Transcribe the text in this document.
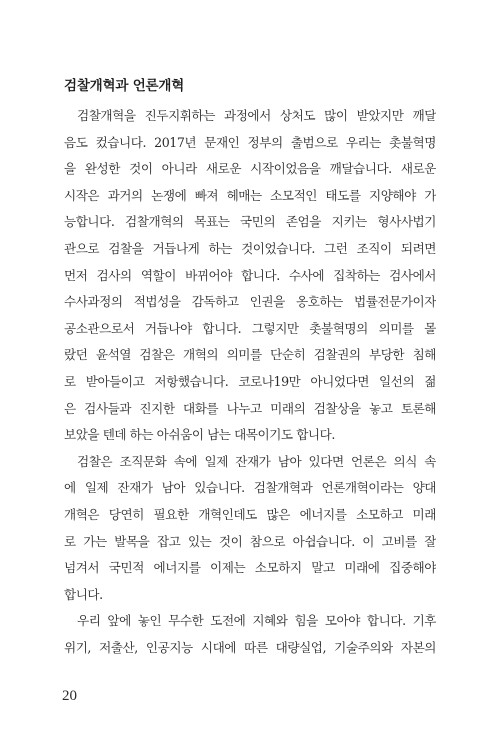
검찰개혁과 언론개혁
검찰개혁을 진두지휘하는 과정에서 상처도 많이 받았지만 깨달
음도 컸습니다. 2017년 문재인 정부의 출범으로 우리는 촛불혁명
을 완성한 것이 아니라 새로운 시작이었음을 깨달습니다. 새로운
시작은 과거의 논쟁에 빠져 헤매는 소모적인 태도를 지양해야 가
능합니다. 검찰개혁의 목표는 국민의 존엄을 지키는 형사사법기
관으로 검찰을 거듭나게 하는 것이었습니다. 그런 조직이 되려면
먼저 검사의 역할이 바뀌어야 합니다. 수사에 집착하는 검사에서
수사과정의 적법성을 감독하고 인권을 옹호하는 법률전문가이자
공소관으로서 거듭나야 합니다. 그렇지만 촛불혁명의 의미를 몰
랐던 윤석열 검찰은 개혁의 의미를 단순히 검찰권의 부당한 침해
로 받아들이고 저항했습니다. 코로나19만 아니었다면 일선의 젊
은 검사들과 진지한 대화를 나누고 미래의 검찰상을 놓고 토론해
보았을 텐데 하는 아쉬움이 남는 대목이기도 합니다.
검찰은 조직문화 속에 일제 잔재가 남아 있다면 언론은 의식 속
에 일제 잔재가 남아 있습니다. 검찰개혁과 언론개혁이라는 양대
개혁은 당연히 필요한 개혁인데도 많은 에너지를 소모하고 미래
로 가는 발목을 잡고 있는 것이 참으로 아쉽습니다. 이 고비를 잘
넘겨서 국민적 에너지를 이제는 소모하지 말고 미래에 집중해야
합니다.
우리 앞에 놓인 무수한 도전에 지혜와 힘을 모아야 합니다. 기후
위기, 저출산, 인공지능 시대에 따른 대량실업, 기술주의와 자본의
20
